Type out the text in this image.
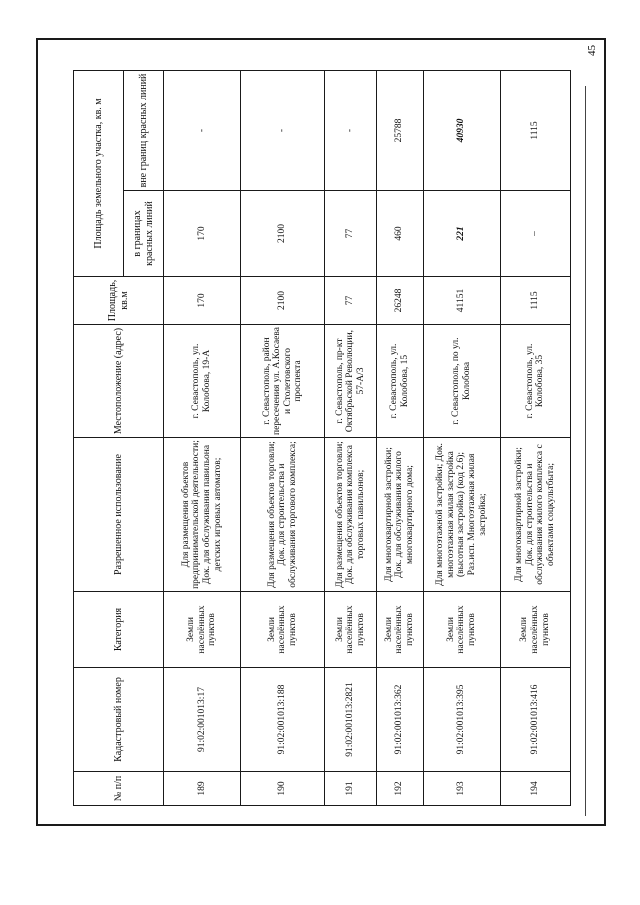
45
№ п/п	Кадастровый номер	Категория	Разрешенное использование	Местоположение (адрес)	Площадь, кв.м	Площадь земельного участка, кв. м	
						в границах красных линий	вне границ красных линий
189	91:02:001013:17	Земли населённых пунктов	Для размещения объектов предпринимательской деятельности; Док. для обслуживания павильона детских игровых автоматов;	г. Севастополь, ул. Колобова, 19-А	170	170	-
190	91:02:001013:188	Земли населённых пунктов	Для размещения объектов торговли; Док. для строительства и обслуживания торгового комплекса;	г. Севастополь, район пересечения ул. А.Косаева и Столетовского проспекта	2100	2100	-
191	91:02:001013:2821	Земли населённых пунктов	Для размещения объектов торговли; Док. для обслуживания комплекса торговых павильонов;	г. Севастополь, пр-кт Октябрьской Революции, 57-А/3	77	77	-
192	91:02:001013:362	Земли населённых пунктов	Для многоквартирной застройки; Док. для обслуживания жилого многоквартирного дома;	г. Севастополь, ул. Колобова, 15	26248	460	25788
193	91:02:001013:395	Земли населённых пунктов	Для многоэтажной застройки; Док. многоэтажная жилая застройка (высотная застройка) (код 2.6); Раз.исп. Многоэтажная жилая застройка;	г. Севастополь, по ул. Колобова	41151	221	40930
194	91:02:001013:416	Земли населённых пунктов	Для многоквартирной застройки; Док. для строительства и обслуживания жилого комплекса с объектами соцкультбыта;	г. Севастополь, ул. Колобова, 35	1115	–	1115
